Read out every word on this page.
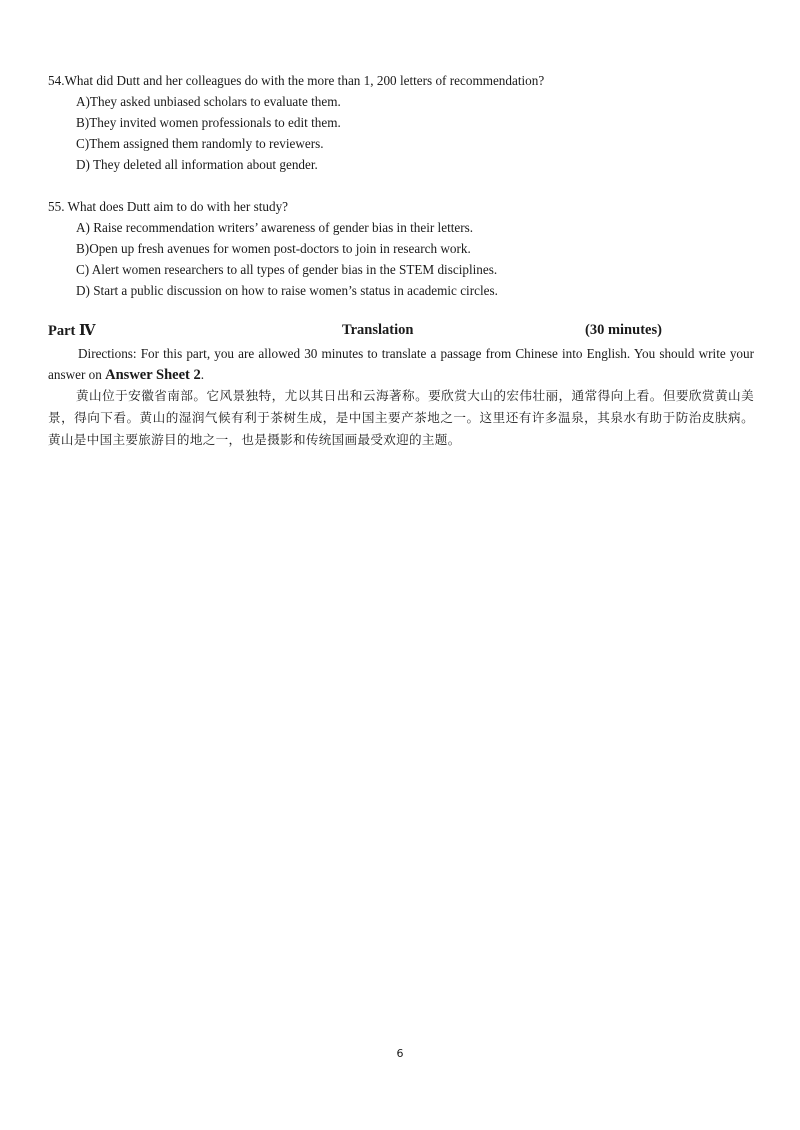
54.What did Dutt and her colleagues do with the more than 1, 200 letters of recommendation?
A)They asked unbiased scholars to evaluate them.
B)They invited women professionals to edit them.
C)Them assigned them randomly to reviewers.
D) They deleted all information about gender.
55. What does Dutt aim to do with her study?
A) Raise recommendation writers’ awareness of gender bias in their letters.
B)Open up fresh avenues for women post-doctors to join in research work.
C) Alert women researchers to all types of gender bias in the STEM disciplines.
D) Start a public discussion on how to raise women’s status in academic circles.
Part Ⅳ	Translation	(30 minutes)
Directions: For this part, you are allowed 30 minutes to translate a passage from Chinese into English. You should write your answer on Answer Sheet 2.
黄山位于安徽省南部。它风景独特，尤以其日出和云海著称。要欣赏大山的宏伟壮丽，通常得向上看。但要欣赏黄山美景，得向下看。黄山的湿润气候有利于茶树生成，是中国主要产茶地之一。这里还有许多温泉，其泉水有助于防治皮肤病。黄山是中国主要旅游目的地之一，也是摄影和传统国画最受欢迎的主题。
6
